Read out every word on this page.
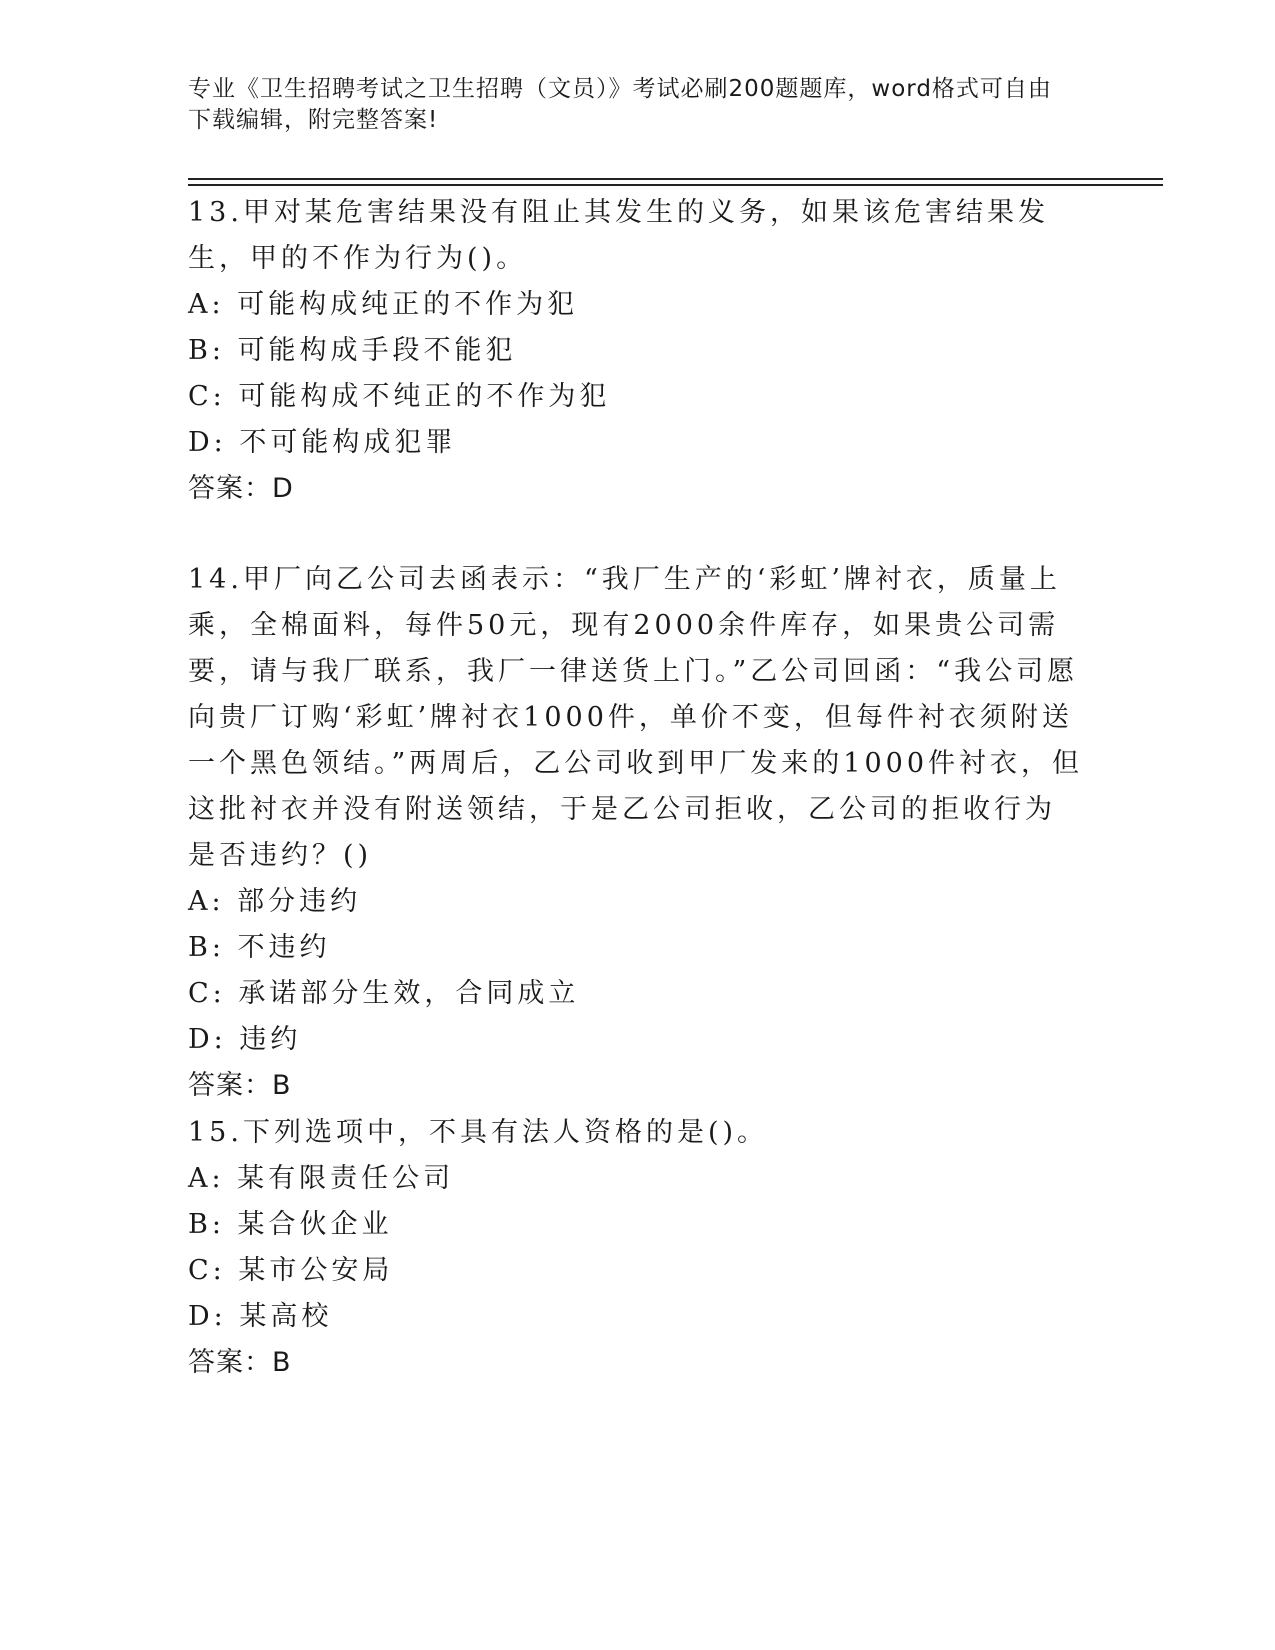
专业《卫生招聘考试之卫生招聘（文员）》考试必刷200题题库，word格式可自由下载编辑，附完整答案!

13.甲对某危害结果没有阻止其发生的义务，如果该危害结果发生，甲的不作为行为()。

A: 可能构成纯正的不作为犯

B: 可能构成手段不能犯

C: 可能构成不纯正的不作为犯

D: 不可能构成犯罪

答案：D

14.甲厂向乙公司去函表示：“我厂生产的‘彩虹’牌衬衣，质量上乘，全棉面料，每件50元，现有2000余件库存，如果贵公司需要，请与我厂联系，我厂一律送货上门。”乙公司回函：“我公司愿向贵厂订购‘彩虹’牌衬衣1000件，单价不变，但每件衬衣须附送一个黑色领结。”两周后，乙公司收到甲厂发来的1000件衬衣，但这批衬衣并没有附送领结，于是乙公司拒收，乙公司的拒收行为是否违约？()

A: 部分违约

B: 不违约

C: 承诺部分生效，合同成立

D: 违约

答案：B

15.下列选项中，不具有法人资格的是()。

A: 某有限责任公司

B: 某合伙企业

C: 某市公安局

D: 某高校

答案：B
